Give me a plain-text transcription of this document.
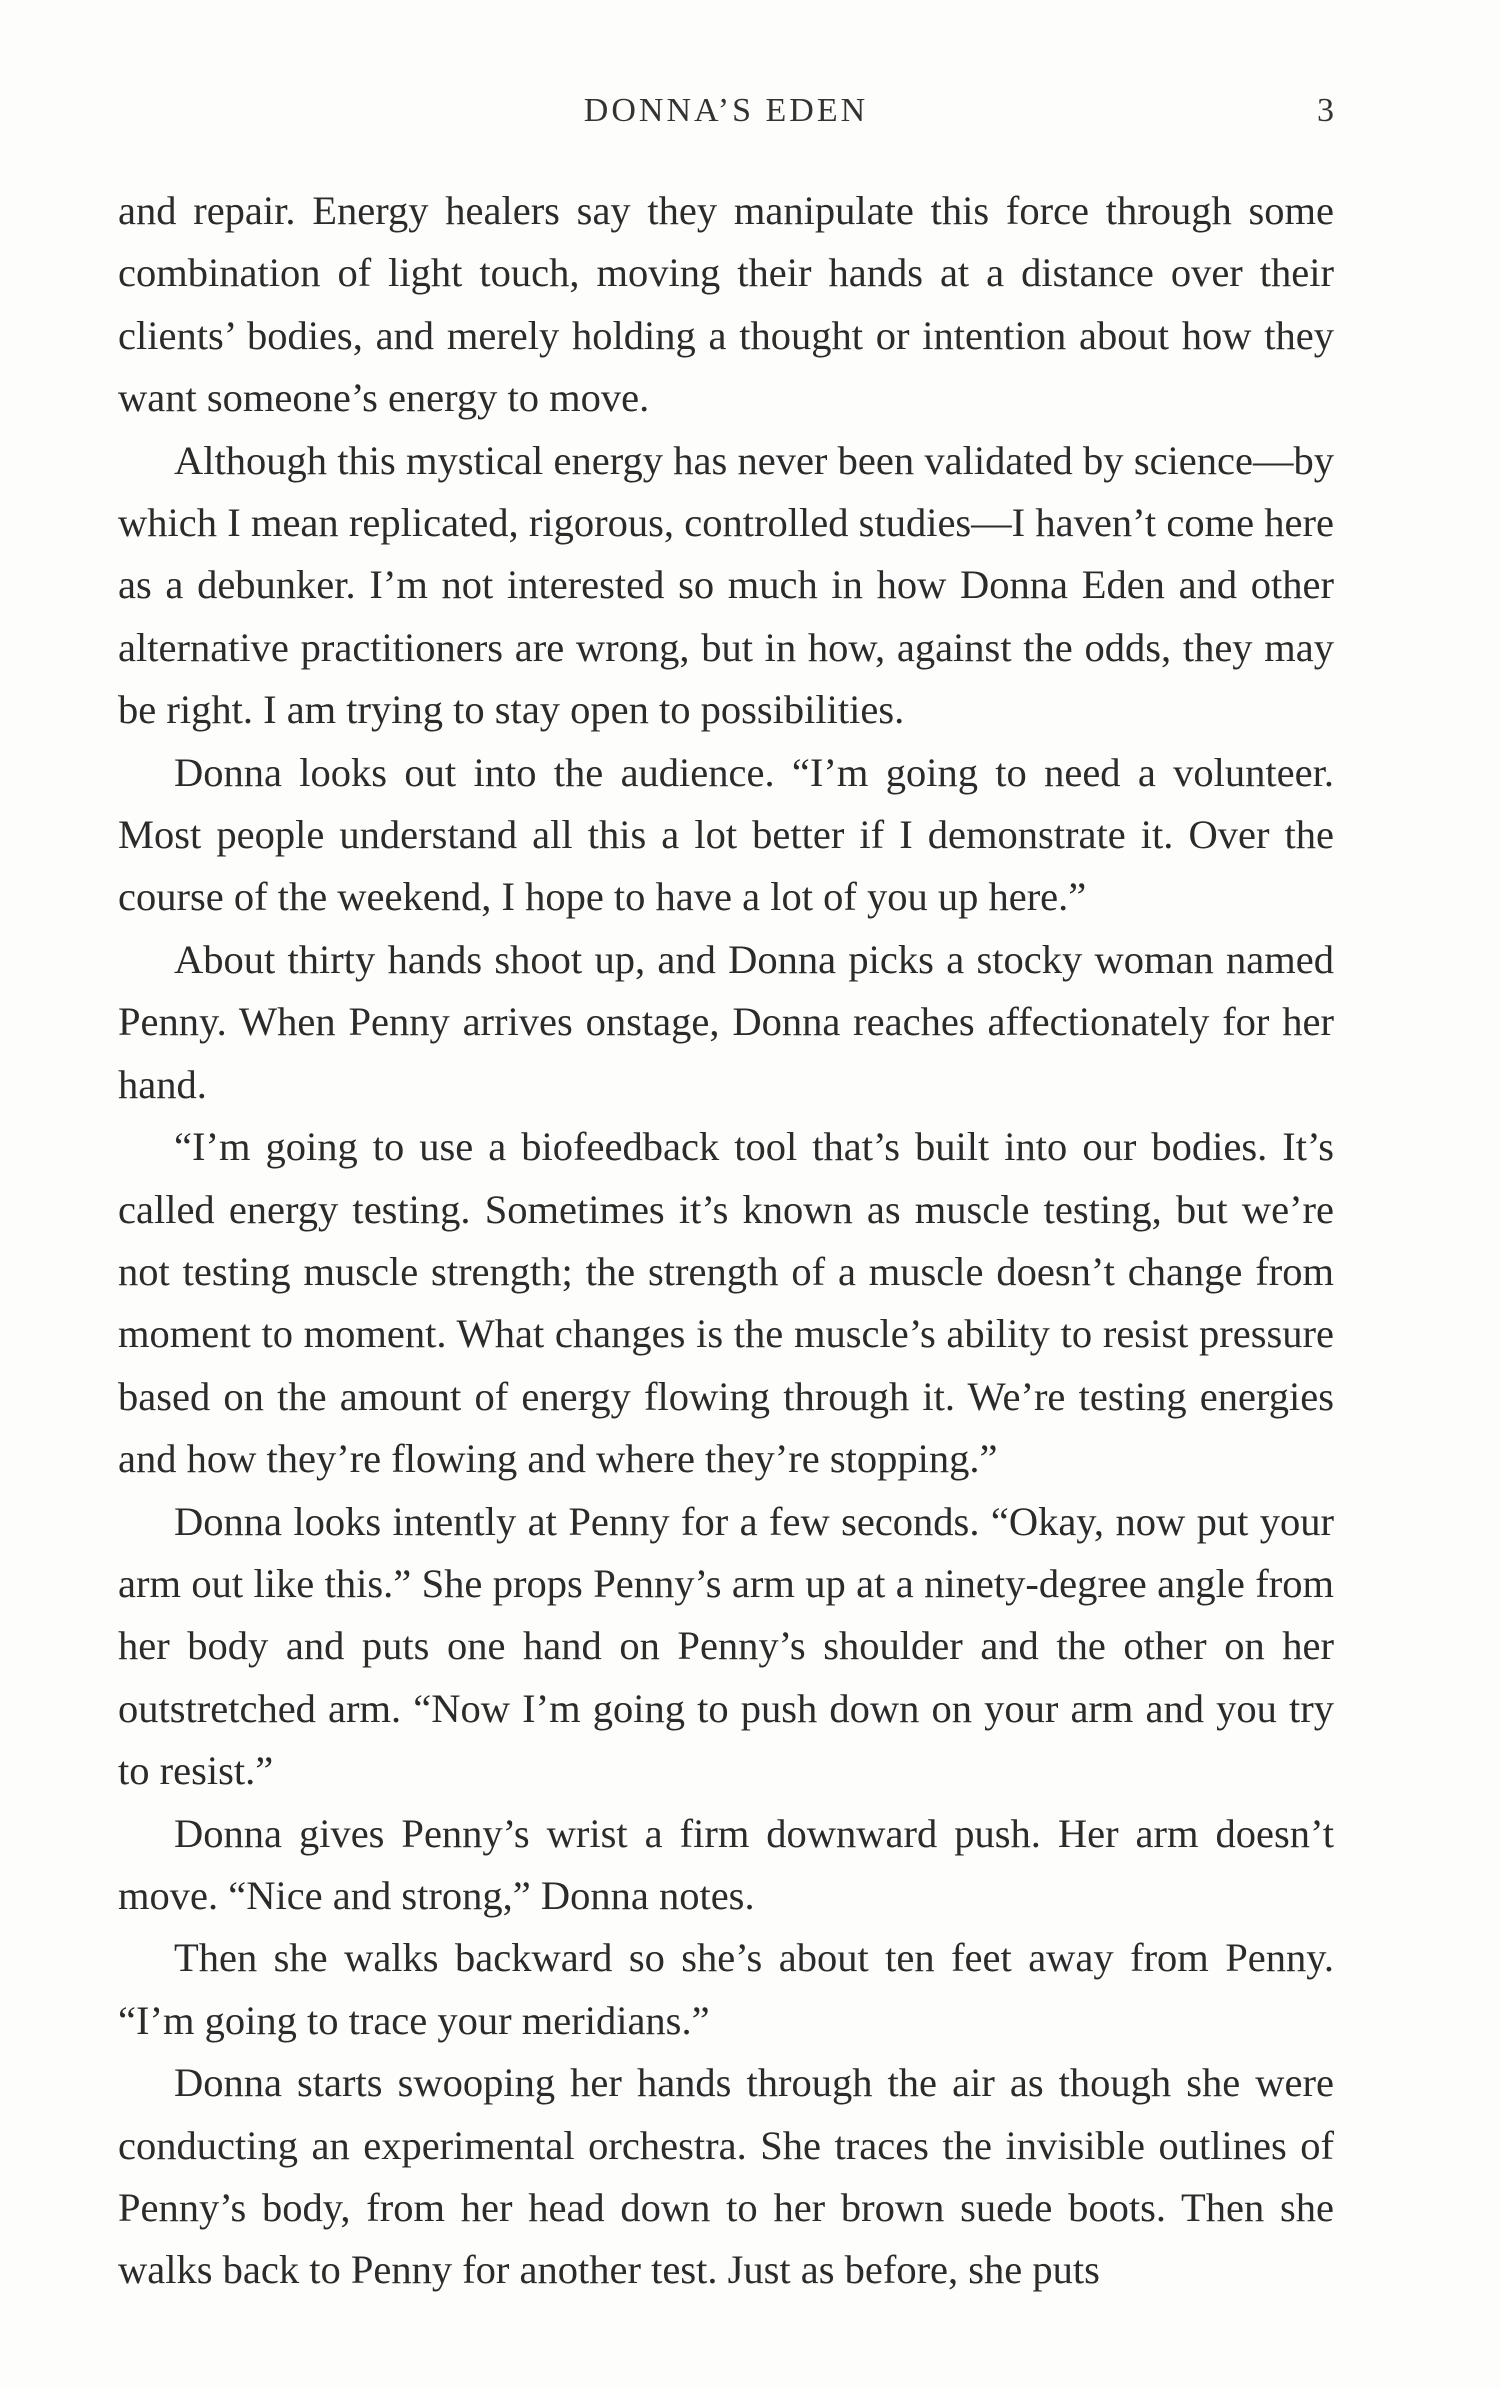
DONNA’S EDEN	3

and repair. Energy healers say they manipulate this force through some combination of light touch, moving their hands at a distance over their clients’ bodies, and merely holding a thought or intention about how they want someone’s energy to move.

Although this mystical energy has never been validated by science—by which I mean replicated, rigorous, controlled studies—I haven’t come here as a debunker. I’m not interested so much in how Donna Eden and other alternative practitioners are wrong, but in how, against the odds, they may be right. I am trying to stay open to possibilities.

Donna looks out into the audience. “I’m going to need a volunteer. Most people understand all this a lot better if I demonstrate it. Over the course of the weekend, I hope to have a lot of you up here.”

About thirty hands shoot up, and Donna picks a stocky woman named Penny. When Penny arrives onstage, Donna reaches affectionately for her hand.

“I’m going to use a biofeedback tool that’s built into our bodies. It’s called energy testing. Sometimes it’s known as muscle testing, but we’re not testing muscle strength; the strength of a muscle doesn’t change from moment to moment. What changes is the muscle’s ability to resist pressure based on the amount of energy flowing through it. We’re testing energies and how they’re flowing and where they’re stopping.”

Donna looks intently at Penny for a few seconds. “Okay, now put your arm out like this.” She props Penny’s arm up at a ninety-degree angle from her body and puts one hand on Penny’s shoulder and the other on her outstretched arm. “Now I’m going to push down on your arm and you try to resist.”

Donna gives Penny’s wrist a firm downward push. Her arm doesn’t move. “Nice and strong,” Donna notes.

Then she walks backward so she’s about ten feet away from Penny. “I’m going to trace your meridians.”

Donna starts swooping her hands through the air as though she were conducting an experimental orchestra. She traces the invisible outlines of Penny’s body, from her head down to her brown suede boots. Then she walks back to Penny for another test. Just as before, she puts
